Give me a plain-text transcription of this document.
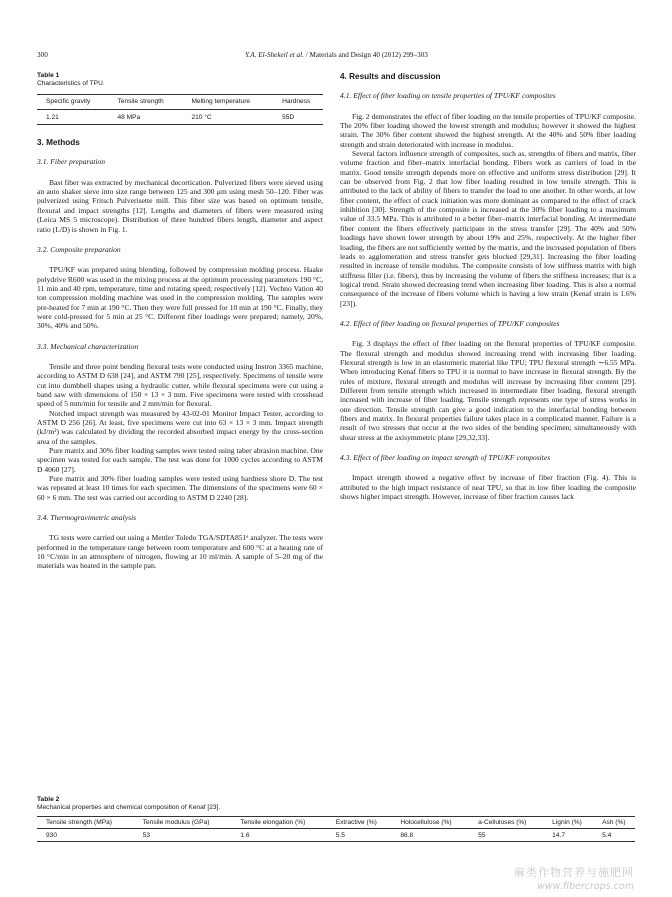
300	Y.A. El-Shekeil et al. / Materials and Design 40 (2012) 299–303
Table 1
Characteristics of TPU.
Specific gravity	Tensile strength	Melting temperature	Hardness
1.21	48 MPa	210 °C	55D
3. Methods
3.1. Fiber preparation

Bast fiber was extracted by mechanical decortication. Pulverized fibers were sieved using an auto shaker sieve into size range between 125 and 300 μm using mesh 50–120. Fiber was pulverized using Fritsch Pulverisette mill. This fiber size was based on optimum tensile, flexural and impact strengths [12]. Lengths and diameters of fibers were measured using (Leica MS 5 microscope). Distribution of three hundred fibers length, diameter and aspect ratio (L/D) is shown in Fig. 1.

3.2. Composite preparation

TPU/KF was prepared using blending, followed by compression molding process. Haake polydrive R600 was used in the mixing process at the optimum processing parameters 190 °C, 11 min and 40 rpm, temperature, time and rotating speed; respectively [12]. Vechno Vation 40 ton compression molding machine was used in the compression molding. The samples were pre-heated for 7 min at 190 °C. Then they were full pressed for 10 min at 190 °C. Finally, they were cold-pressed for 5 min at 25 °C. Different fiber loadings were prepared; namely, 20%, 30%, 40% and 50%.

3.3. Mechanical characterization

Tensile and three point bending flexural tests were conducted using Instron 3365 machine, according to ASTM D 638 [24], and ASTM 790 [25], respectively. Specimens of tensile were cut into dumbbell shapes using a hydraulic cutter, while flexural specimens were cut using a band saw with dimensions of 150 × 13 × 3 mm. Five specimens were tested with crosshead speed of 5 mm/min for tensile and 2 mm/min for flexural.

Notched impact strength was measured by 43-02-01 Monitor Impact Tester, according to ASTM D 256 [26]. At least, five specimens were cut into 63 × 13 × 3 mm. Impact strength (kJ/m²) was calculated by dividing the recorded absorbed impact energy by the cross-section area of the samples.

Pure matrix and 30% fiber loading samples were tested using taber abrasion machine. One specimen was tested for each sample. The test was done for 1000 cycles according to ASTM D 4060 [27].

Pure matrix and 30% fiber loading samples were tested using hardness shore D. The test was repeated at least 10 times for each specimen. The dimensions of the specimens were 60 × 60 × 6 mm. The test was carried out according to ASTM D 2240 [28].

3.4. Thermogravimetric analysis

TG tests were carried out using a Mettler Toledo TGA/SDTA851ᵉ analyzer. The tests were performed in the temperature range between room temperature and 600 °C at a heating rate of 10 °C/min in an atmosphere of nitrogen, flowing at 10 ml/min. A sample of 5–20 mg of the materials was heated in the sample pan.

4. Results and discussion
4.1. Effect of fiber loading on tensile properties of TPU/KF composites

Fig. 2 demonstrates the effect of fiber loading on the tensile properties of TPU/KF composite. The 20% fiber loading showed the lowest strength and modulus; however it showed the highest strain. The 30% fiber content showed the highest strength. At the 40% and 50% fiber loading strength and strain deteriorated with increase in modulus.

Several factors influence strength of composites, such as, strengths of fibers and matrix, fiber volume fraction and fiber–matrix interfacial bonding. Fibers work as carriers of load in the matrix. Good tensile strength depends more on effective and uniform stress distribution [29]. It can be observed from Fig. 2 that low fiber loading resulted in low tensile strength. This is attributed to the lack of ability of fibers to transfer the load to one another. In other words, at low fiber content, the effect of crack initiation was more dominant as compared to the effect of crack inhibition [30]. Strength of the composite is increased at the 30% fiber loading to a maximum value of 33.5 MPa. This is attributed to a better fiber–matrix interfacial bonding. At intermediate fiber content the fibers effectively participate in the stress transfer [29]. The 40% and 50% loadings have shown lower strength by about 19% and 25%, respectively. At the higher fiber loading, the fibers are not sufficiently wetted by the matrix, and the increased population of fibers leads to agglomeration and stress transfer gets blocked [29,31]. Increasing the fiber loading resulted in increase of tensile modulus. The composite consists of low stiffness matrix with high stiffness filler (i.e. fibers), thus by increasing the volume of fibers the stiffness increases; that is a logical trend. Strain showed decreasing trend when increasing fiber loading. This is also a normal consequence of the increase of fibers volume which is having a low strain (Kenaf strain is 1.6% [23]).

4.2. Effect of fiber loading on flexural properties of TPU/KF composites

Fig. 3 displays the effect of fiber loading on the flexural properties of TPU/KF composite. The flexural strength and modulus showed increasing trend with increasing fiber loading. Flexural strength is low in an elastomeric material like TPU; TPU flexural strength ∼6.55 MPa. When introducing Kenaf fibers to TPU it is normal to have increase in flexural strength. By the rules of mixture, flexural strength and modulus will increase by increasing fiber content [29]. Different from tensile strength which increased in intermediate fiber loading, flexural strength increased with increase of fiber loading. Tensile strength represents one type of stress works in one direction. Tensile strength can give a good indication to the interfacial bonding between fibers and matrix. In flexural properties failure takes place in a complicated manner. Failure is a result of two stresses that occur at the two sides of the bending specimen; simultaneously with shear stress at the axisymmetric plane [29,32,33].

4.3. Effect of fiber loading on impact strength of TPU/KF composites

Impact strength showed a negative effect by increase of fiber fraction (Fig. 4). This is attributed to the high impact resistance of neat TPU, so that in low fiber loading the composite shows higher impact strength. However, increase of fiber fraction causes lack

Table 2
Mechanical properties and chemical composition of Kenaf [23].
Tensile strength (MPa)	Tensile modulus (GPa)	Tensile elongation (%)	Extractive (%)	Holocellulose (%)	a-Celluloses (%)	Lignin (%)	Ash (%)
930	53	1.6	5.5	86.8	55	14.7	5.4
麻类作物营养与施肥网
www.fibercrops.com
